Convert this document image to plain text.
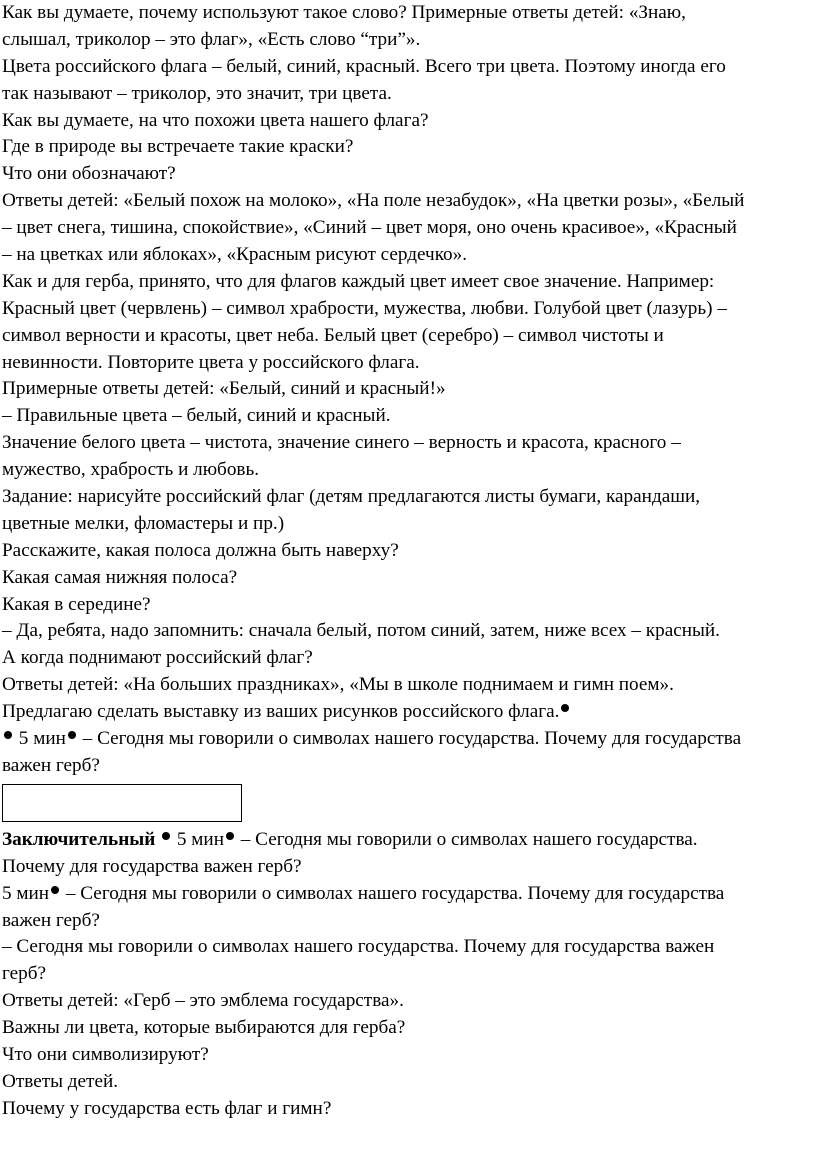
Как вы думаете, почему используют такое слово? Примерные ответы детей: «Знаю,
слышал, триколор – это флаг», «Есть слово “три”».
Цвета российского флага – белый, синий, красный. Всего три цвета. Поэтому иногда его
так называют – триколор, это значит, три цвета.
Как вы думаете, на что похожи цвета нашего флага?
Где в природе вы встречаете такие краски?
Что они обозначают?
Ответы детей: «Белый похож на молоко», «На поле незабудок», «На цветки розы», «Белый
– цвет снега, тишина, спокойствие», «Синий – цвет моря, оно очень красивое», «Красный
– на цветках или яблоках», «Красным рисуют сердечко».
Как и для герба, принято, что для флагов каждый цвет имеет свое значение. Например:
Красный цвет (червлень) – символ храбрости, мужества, любви. Голубой цвет (лазурь) –
символ верности и красоты, цвет неба. Белый цвет (серебро) – символ чистоты и
невинности. Повторите цвета у российского флага.
Примерные ответы детей: «Белый, синий и красный!»
– Правильные цвета – белый, синий и красный.
Значение белого цвета – чистота, значение синего – верность и красота, красного –
мужество, храбрость и любовь.
Задание: нарисуйте российский флаг (детям предлагаются листы бумаги, карандаши,
цветные мелки, фломастеры и пр.)
Расскажите, какая полоса должна быть наверху?
Какая самая нижняя полоса?
Какая в середине?
– Да, ребята, надо запомнить: сначала белый, потом синий, затем, ниже всех – красный.
А когда поднимают российский флаг?
Ответы детей: «На больших праздниках», «Мы в школе поднимаем и гимн поем».
Предлагаю сделать выставку из ваших рисунков российского флага.
5 мин – Сегодня мы говорили о символах нашего государства. Почему для государства
важен герб?
Заключительный  5 мин – Сегодня мы говорили о символах нашего государства.
Почему для государства важен герб?
5 мин – Сегодня мы говорили о символах нашего государства. Почему для государства
важен герб?
– Сегодня мы говорили о символах нашего государства. Почему для государства важен
герб?
Ответы детей: «Герб – это эмблема государства».
Важны ли цвета, которые выбираются для герба?
Что они символизируют?
Ответы детей.
Почему у государства есть флаг и гимн?
